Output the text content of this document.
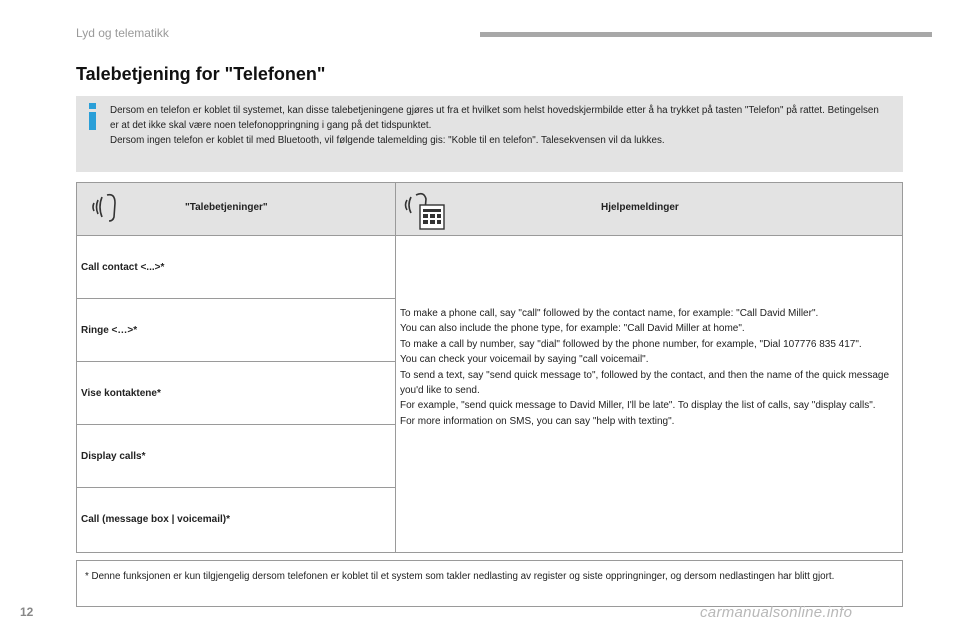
Lyd og telematikk
Talebetjening for "Telefonen"

Dersom en telefon er koblet til systemet, kan disse talebetjeningene gjøres ut fra et hvilket som helst hovedskjermbilde etter å ha trykket på tasten "Telefon" på rattet. Betingelsen er at det ikke skal være noen telefonoppringning i gang på det tidspunktet.

Dersom ingen telefon er koblet til med Bluetooth, vil følgende talemelding gis: "Koble til en telefon". Talesekvensen vil da lukkes.

"Talebetjeninger"	Hjelpemeldinger
Call contact <...>*
Ringe <…>*
Vise kontaktene*
Display calls*
Call (message box | voicemail)*

To make a phone call, say "call" followed by the contact name, for example: "Call David Miller".

You can also include the phone type, for example: "Call David Miller at home".

To make a call by number, say "dial" followed by the phone number, for example, "Dial 107776 835 417".

You can check your voicemail by saying "call voicemail".

To send a text, say "send quick message to", followed by the contact, and then the name of the quick message you'd like to send.

For example, "send quick message to David Miller, I'll be late". To display the list of calls, say "display calls".

For more information on SMS, you can say "help with texting".

* Denne funksjonen er kun tilgjengelig dersom telefonen er koblet til et system som takler nedlasting av register og siste oppringninger, og dersom nedlastingen har blitt gjort.
12	carmanualsonline.info
